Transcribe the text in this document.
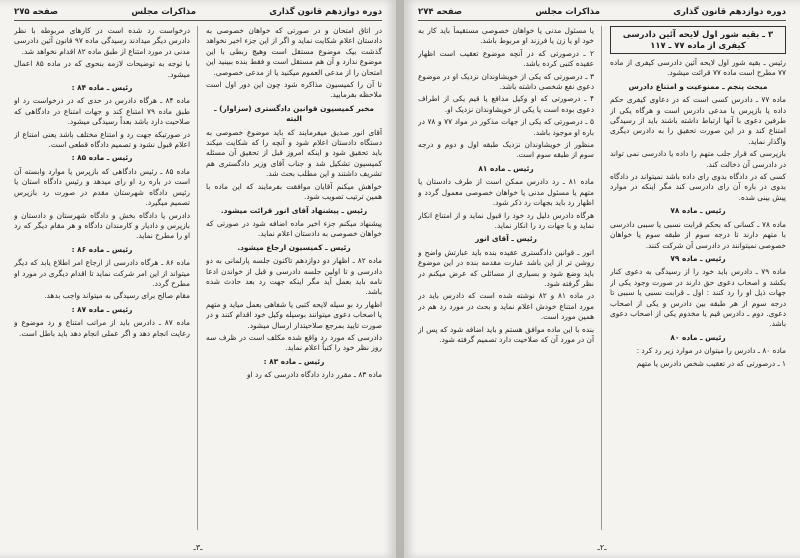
دوره دوازدهم قانون گذاری
مذاکرات مجلس
صفحه ۲۷۵

در اتاق امتحان و در صورتی که خواهان خصوصی به دادستان اعلام شکایت نماید و اگر از این جزء اخیر نخواهد گذشت بیک موضوع مستقل است وهیچ ربطی با این موضوع ندارد و آن هم مستقل است و فقط بنده ببینید این امتحان را از مدعی العموم میکنید یا از مدعی خصوصی.

تا آن را کمیسیون مذاکره شود چون این دور اول است ملاحظه بفرمایید.

مخبر کمیسیون قوانین دادگستری (سزاوار) ـ البته

آقای انور صدیق میفرمایند که باید موضوع خصوصی به دستگاه دادستان اعلام شود و آنچه را که شکایت میکند باید تحقیق شود و اینکه امروز قبل از تحقیق آن مسئله کمیسیون تشکیل شد و جناب آقای وزیر دادگستری هم تشریف داشتند و این مطلب بحث شد.

خواهش میکنم آقایان موافقت بفرمایند که این ماده با همین ترتیب تصویب شود.

رئیس ـ پیشنهاد آقای انور قرائت میشود.

پیشنهاد میکنم جزء اخیر ماده اضافه شود در صورتی که خواهان خصوصی به دادستان اعلام نماید.

رئیس ـ کمیسیون ارجاع میشود.

ماده ۸۲ ـ اظهار دو دوازدهم تاکنون جلسه پارلمانی به دو دادرسی و تا اولین جلسه دادرسی و قبل از خواندن ادعا نامه باید بعمل آید مگر اینکه جهت رد بعد حادث شده باشد.

اظهار رد بو سیله لایحه کتبی یا شفاهی بعمل میاید و متهم یا اصحاب دعوی میتوانند بوسیله وکیل خود اقدام کنند و در صورت تایید بمرجع صلاحیتدار ارسال میشود.

دادرسی که مورد رد واقع شده مکلف است در ظرف سه روز نظر خود را کتباً اعلام نماید.

رئیس ـ ماده ۸۳ :

ماده ۸۳ ـ مقرر دارد دادگاه دادرسی که رد او

درخواست رد شده است در کارهای مربوطه با نظر دادرس دیگر میدادند رسیدگی ماده ۹۷ قانون آئین دادرسی مدنی در مورد امتناع از طبق ماده ۸۲ اقدام نخواهد شد.

با توجه به توضیحات لازمه بنحوی که در ماده ۸۵ اعمال میشود.

رئیس ـ ماده ۸۴ :

ماده ۸۴ ـ هرگاه دادرس در حدی که در درخواست رد او طبق ماده ۷۹ امتناع کند و جهات امتناع در دادگاهی که صلاحیت دارد باشد بعداً رسیدگی میشود.

در صورتیکه جهت رد و امتناع مختلف باشد یعنی امتناع از اعلام قبول نشود و تصمیم دادگاه قطعی است.

رئیس ـ ماده ۸۵ :

ماده ۸۵ ـ رئیس دادگاهی که بازپرس یا موارد وابسته آن است در باره رد او رای میدهد و رئیس دادگاه استان یا رئیس دادگاه شهرستان مقدم در صورت رد بازپرس تصمیم میگیرد.

دادرس یا دادگاه بخش و دادگاه شهرستان و دادستان و بازپرس و دادیار و کارمندان دادگاه و هر مقام دیگر که رد او را مطرح نماید.

رئیس ـ ماده ۸۶ :

ماده ۸۶ ـ هرگاه دادرسی از ارجاع امر اطلاع یابد که دیگر میتواند از این امر شرکت نماید تا اقدام دیگری در مورد او مطرح گردد.

مقام صالح برای رسیدگی به میتواند واجب بدهد.

رئیس ـ ماده ۸۷ :

ماده ۸۷ ـ دادرس باید از مراتب امتناع و رد موضوع و رعایت انجام دهد و اگر عملی انجام دهد باید باطل است.

ـ۳ـ
دوره دوازدهم قانون گذاری
مذاکرات مجلس
صفحه ۲۷۴

۳ ـ بقیه شور اول لایحه آئین دادرسی کیفری از ماده ۷۷ ـ ۱۱۷

رئیس ـ بقیه شور اول لایحه آئین دادرسی کیفری از ماده ۷۷ مطرح است ماده ۷۷ قرائت میشود.

مبحث پنجم ـ ممنوعیت و امتناع دادرس

ماده ۷۷ ـ دادرس کسی است که در دعاوی کیفری حکم داده یا بازپرس یا مدعی دادرس است و هرگاه یکی از طرفین دعوی با آنها ارتباط داشته باشند باید از رسیدگی امتناع کند و در این صورت تحقیق را به دادرس دیگری واگذار نماید.

بازپرسی که قرار جلب متهم را داده یا دادرسی نمی تواند در دادرسی آن دخالت کند.

کسی که در دادگاه بدوی رای داده باشد نمیتواند در دادگاه بدوی در باره آن رای دادرسی کند مگر اینکه در موارد پیش بینی شده.

رئیس ـ ماده ۷۸

ماده ۷۸ ـ کسانی که بحکم قرابت نسبی یا سببی دادرسی با متهم دارند تا درجه سوم از طبقه سوم یا خواهان خصوصی نمیتوانند در دادرسی آن شرکت کنند.

رئیس ـ ماده ۷۹

ماده ۷۹ ـ دادرس باید خود را از رسیدگی به دعوی کنار بکشد و اصحاب دعوی حق دارند در صورت وجود یکی از جهات ذیل او را رد کنند : اول ـ قرابت نسبی یا سببی تا درجه سوم از هر طبقه بین دادرس و یکی از اصحاب دعوی. دوم ـ دادرس قیم یا مخدوم یکی از اصحاب دعوی باشد.

رئیس ـ ماده ۸۰

ماده ۸۰ ـ دادرس را میتوان در موارد زیر رد کرد :

۱ ـ درصورتی که در تعقیب شخص دادرس یا متهم

یا مسئول مدنی یا خواهان خصوصی مستقیماً باید کار به خود او یا زن یا فرزند او مربوط باشد.

۲ ـ درصورتی که در آنچه موضوع تعقیب است اظهار عقیده کتبی کرده باشد.

۳ ـ درصورتی که یکی از خویشاوندان نزدیک او در موضوع دعوی نفع شخصی داشته باشد.

۴ ـ درصورتی که او وکیل مدافع یا قیم یکی از اطراف دعوی بوده است یا یکی از خویشاوندان نزدیک او.

۵ ـ درصورتی که یکی از جهات مذکور در مواد ۷۷ و ۷۸ در باره او موجود باشد.

منظور از خویشاوندان نزدیک طبقه اول و دوم و درجه سوم از طبقه سوم است.

رئیس ـ ماده ۸۱

ماده ۸۱ ـ رد دادرس ممکن است از طرف دادستان یا متهم یا مسئول مدنی یا خواهان خصوصی معمول گردد و اظهار رد باید بجهات رد ذکر شود.

هرگاه دادرس دلیل رد خود را قبول نماید و از امتناع انکار نماید و با جهات رد را انکار نماید.

رئیس ـ آقای انور

انور ـ قوانین دادگستری عقیده بنده باید عبارتش واضح و روشن تر از این باشد عبارت مقدمه بنده در این موضوع باید وضع شود و بسیاری از مسائلی که عرض میکنم در نظر گرفته شود.

در ماده ۸۱ و ۸۲ نوشته شده است که دادرس باید در مورد امتناع خودش اعلام نماید و بحث در مورد رد هم در همین مورد است.

بنده با این ماده موافق هستم و باید اضافه شود که پس از آن در مورد آن که صلاحیت دارد تصمیم گرفته شود.

ـ۲ـ
